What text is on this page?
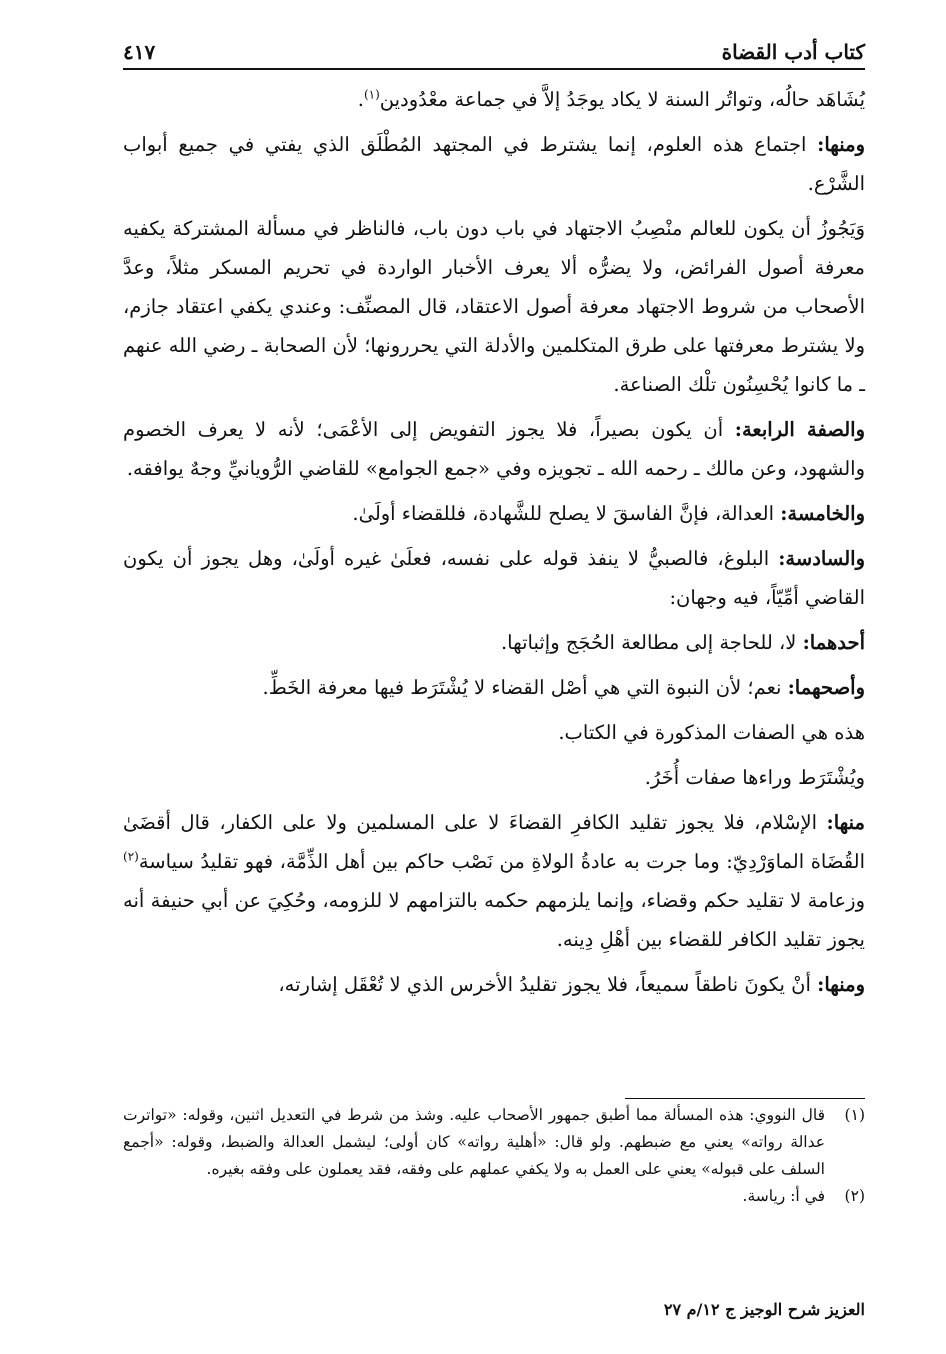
كتاب أدب القضاة
٤١٧

يُشَاهَد حالُه، وتواتُر السنة لا يكاد يوجَدُ إلاَّ في جماعة معْدُودين$^{(١)}$.

ومنها: اجتماع هذه العلوم، إنما يشترط في المجتهد المُطْلَق الذي يفتي في جميع أبواب الشَّرْع.

وَيَجُوزُ أن يكون للعالم منْصِبُ الاجتهاد في باب دون باب، فالناظر في مسألة المشتركة يكفيه معرفة أصول الفرائض، ولا يضرُّه ألا يعرف الأخبار الواردة في تحريم المسكر مثلاً، وعدَّ الأصحاب من شروط الاجتهاد معرفة أصول الاعتقاد، قال المصنِّف: وعندي يكفي اعتقاد جازم، ولا يشترط معرفتها على طرق المتكلمين والأدلة التي يحررونها؛ لأن الصحابة ـ رضي الله عنهم ـ ما كانوا يُحْسِنُون تلْك الصناعة.

والصفة الرابعة: أن يكون بصيراً، فلا يجوز التفويض إلى الأعْمَى؛ لأنه لا يعرف الخصوم والشهود، وعن مالك ـ رحمه الله ـ تجويزه وفي «جمع الجوامع» للقاضي الرُّويانيِّ وجهٌ يوافقه.

والخامسة: العدالة، فإنَّ الفاسقَ لا يصلح للشَّهادة، فللقضاء أولَىٰ.

والسادسة: البلوغ، فالصبيُّ لا ينفذ قوله على نفسه، فعلَىٰ غيره أولَىٰ، وهل يجوز أن يكون القاضي أمِّيّاً، فيه وجهان:

أحدهما: لا، للحاجة إلى مطالعة الحُجَج وإثباتها.

وأصحهما: نعم؛ لأن النبوة التي هي أصْل القضاء لا يُشْتَرَط فيها معرفة الخَطِّ.

هذه هي الصفات المذكورة في الكتاب.

ويُشْتَرَط وراءها صفات أُخَرُ.

منها: الإسْلام، فلا يجوز تقليد الكافرِ القضاءَ لا على المسلمين ولا على الكفار، قال أقضَىٰ القُضَاة الماوَرْدِيّ: وما جرت به عادةُ الولاةِ من نَصْب حاكم بين أهل الذِّمَّة، فهو تقليدُ سياسة$^{(٢)}$ وزعامة لا تقليد حكم وقضاء، وإنما يلزمهم حكمه بالتزامهم لا للزومه، وحُكِيَ عن أبي حنيفة أنه يجوز تقليد الكافر للقضاء بين أهْلِ دِينه.

ومنها: أنْ يكونَ ناطقاً سميعاً، فلا يجوز تقليدُ الأخرس الذي لا تُعْقَل إشارته،

(١)
قال النووي: هذه المسألة مما أطبق جمهور الأصحاب عليه. وشذ من شرط في التعديل اثنين، وقوله: «تواترت عدالة رواته» يعني مع ضبطهم. ولو قال: «أهلية رواته» كان أولى؛ ليشمل العدالة والضبط، وقوله: «أجمع السلف على قبوله» يعني على العمل به ولا يكفي عملهم على وفقه، فقد يعملون على وفقه بغيره.
(٢)
في أ: رياسة.
العزيز شرح الوجيز ج ١٢/م ٢٧
